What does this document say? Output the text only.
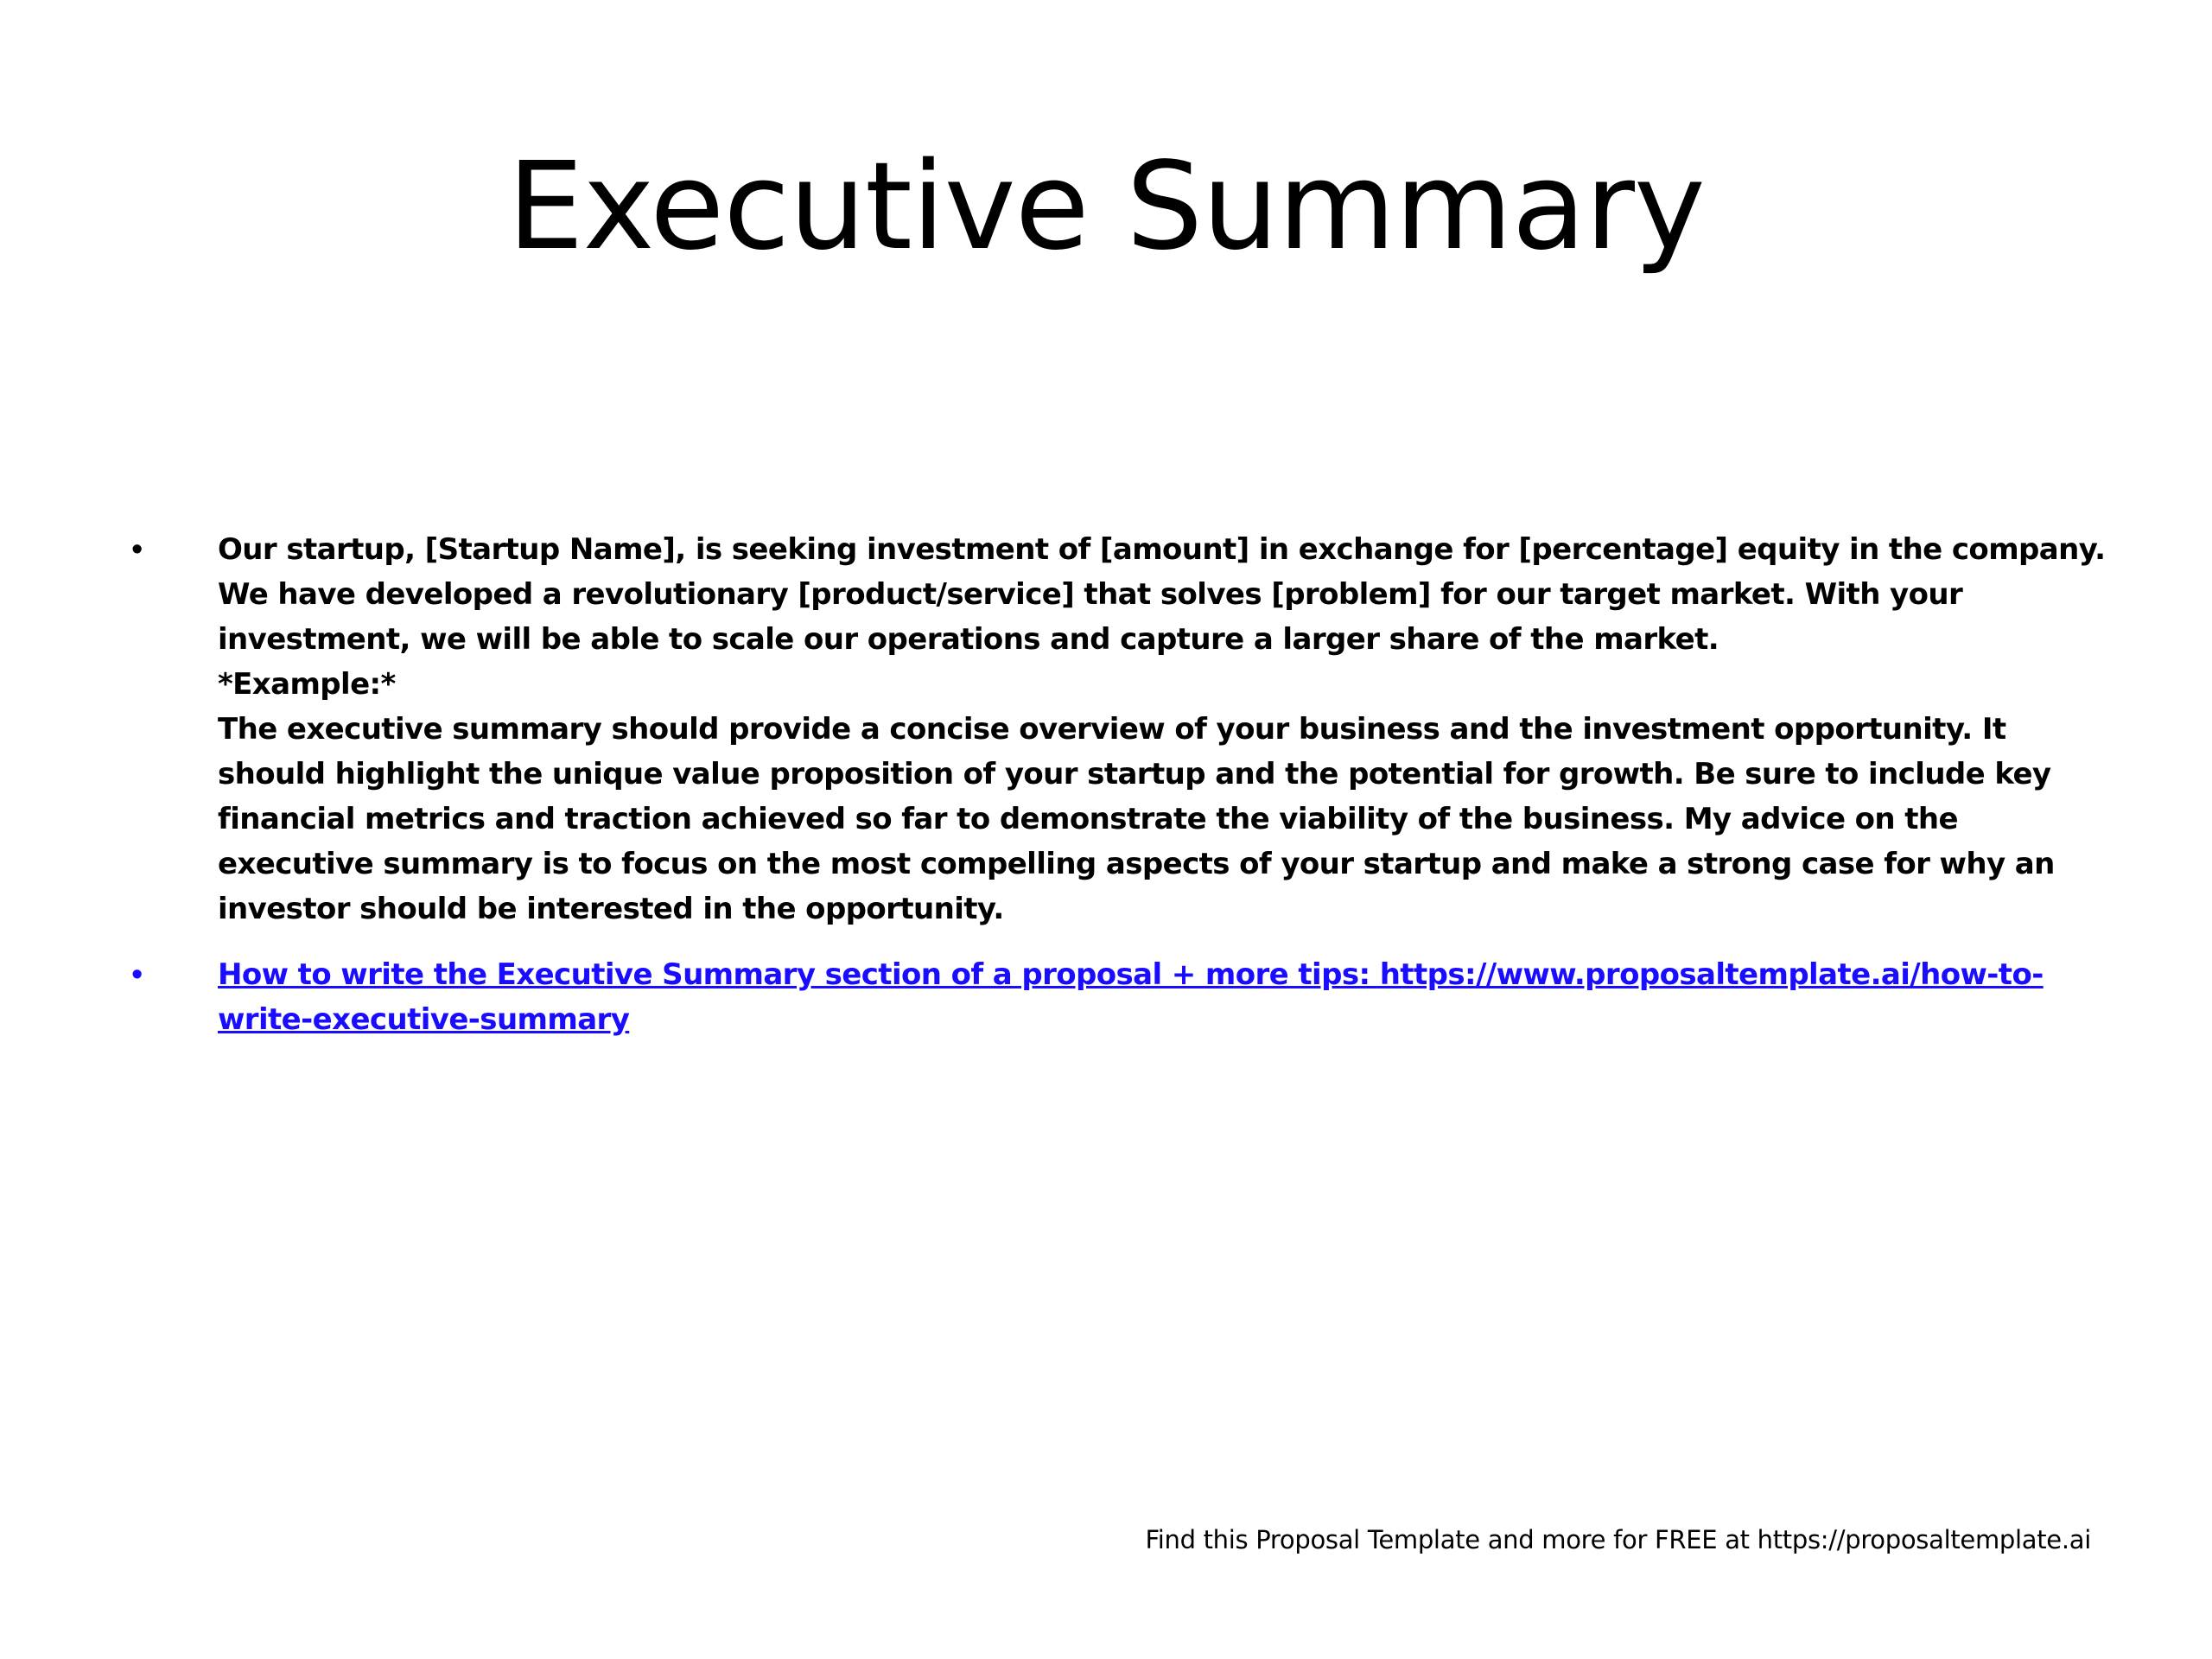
Executive Summary
•	Our startup, [Startup Name], is seeking investment of [amount] in exchange for [percentage] equity in the company. We have developed a revolutionary [product/service] that solves [problem] for our target market. With your investment, we will be able to scale our operations and capture a larger share of the market.
*Example:*
The executive summary should provide a concise overview of your business and the investment opportunity. It should highlight the unique value proposition of your startup and the potential for growth. Be sure to include key financial metrics and traction achieved so far to demonstrate the viability of the business. My advice on the executive summary is to focus on the most compelling aspects of your startup and make a strong case for why an investor should be interested in the opportunity.
•	How to write the Executive Summary section of a proposal + more tips: https://www.proposaltemplate.ai/how-to-write-executive-summary
Find this Proposal Template and more for FREE at https://proposaltemplate.ai
